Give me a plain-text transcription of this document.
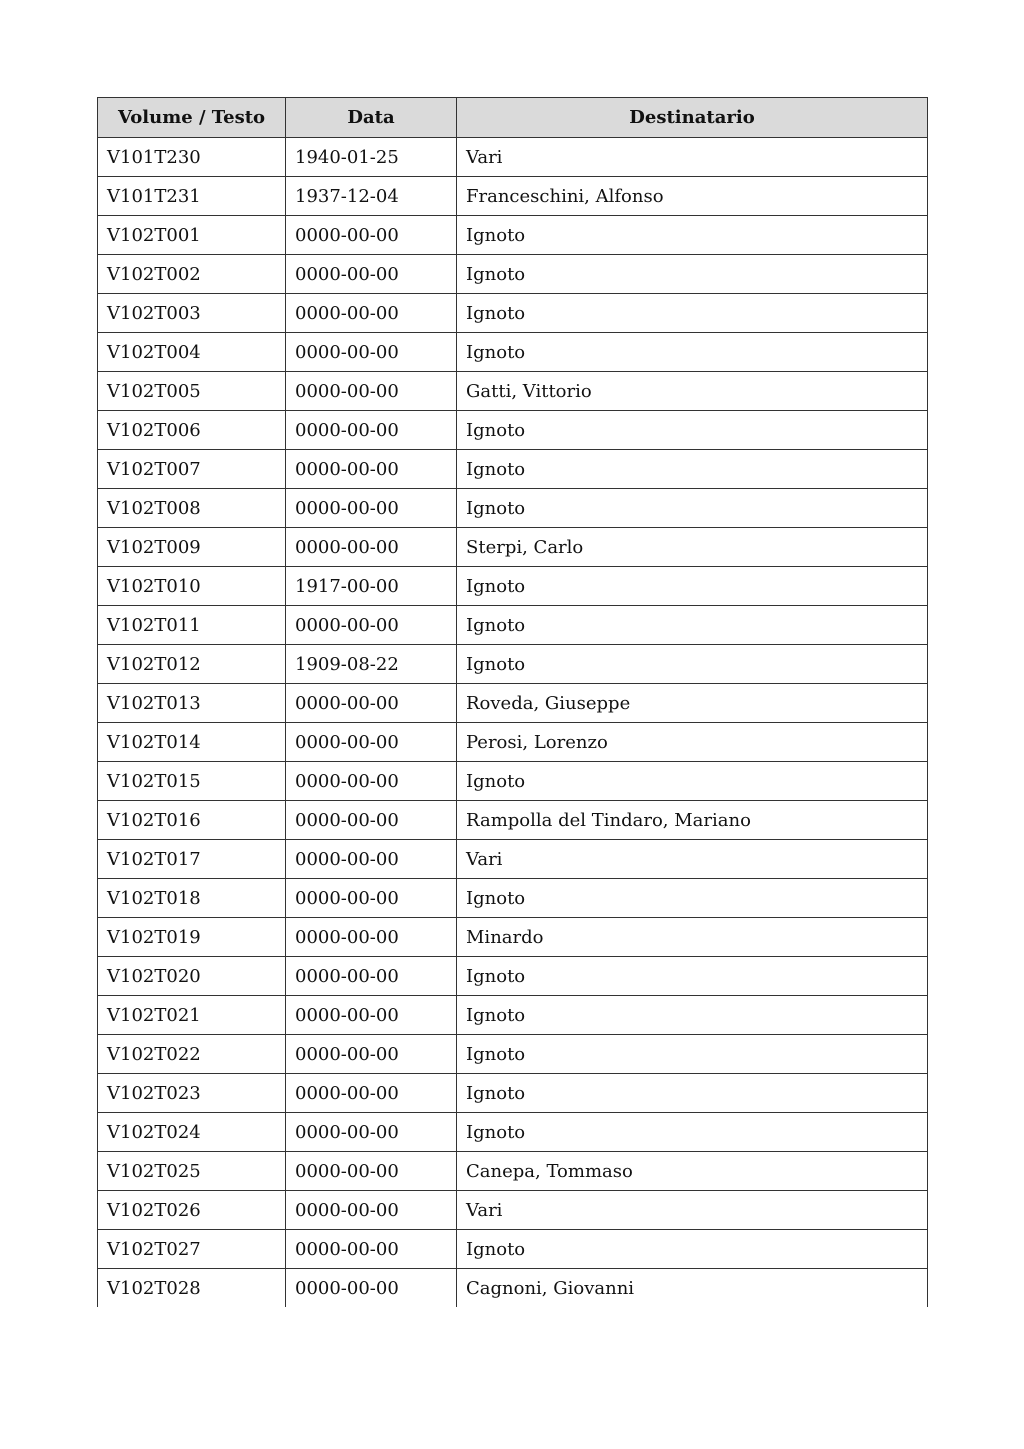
Volume / Testo	Data	Destinatario
V101T230	1940-01-25	Vari
V101T231	1937-12-04	Franceschini, Alfonso
V102T001	0000-00-00	Ignoto
V102T002	0000-00-00	Ignoto
V102T003	0000-00-00	Ignoto
V102T004	0000-00-00	Ignoto
V102T005	0000-00-00	Gatti, Vittorio
V102T006	0000-00-00	Ignoto
V102T007	0000-00-00	Ignoto
V102T008	0000-00-00	Ignoto
V102T009	0000-00-00	Sterpi, Carlo
V102T010	1917-00-00	Ignoto
V102T011	0000-00-00	Ignoto
V102T012	1909-08-22	Ignoto
V102T013	0000-00-00	Roveda, Giuseppe
V102T014	0000-00-00	Perosi, Lorenzo
V102T015	0000-00-00	Ignoto
V102T016	0000-00-00	Rampolla del Tindaro, Mariano
V102T017	0000-00-00	Vari
V102T018	0000-00-00	Ignoto
V102T019	0000-00-00	Minardo
V102T020	0000-00-00	Ignoto
V102T021	0000-00-00	Ignoto
V102T022	0000-00-00	Ignoto
V102T023	0000-00-00	Ignoto
V102T024	0000-00-00	Ignoto
V102T025	0000-00-00	Canepa, Tommaso
V102T026	0000-00-00	Vari
V102T027	0000-00-00	Ignoto
V102T028	0000-00-00	Cagnoni, Giovanni
